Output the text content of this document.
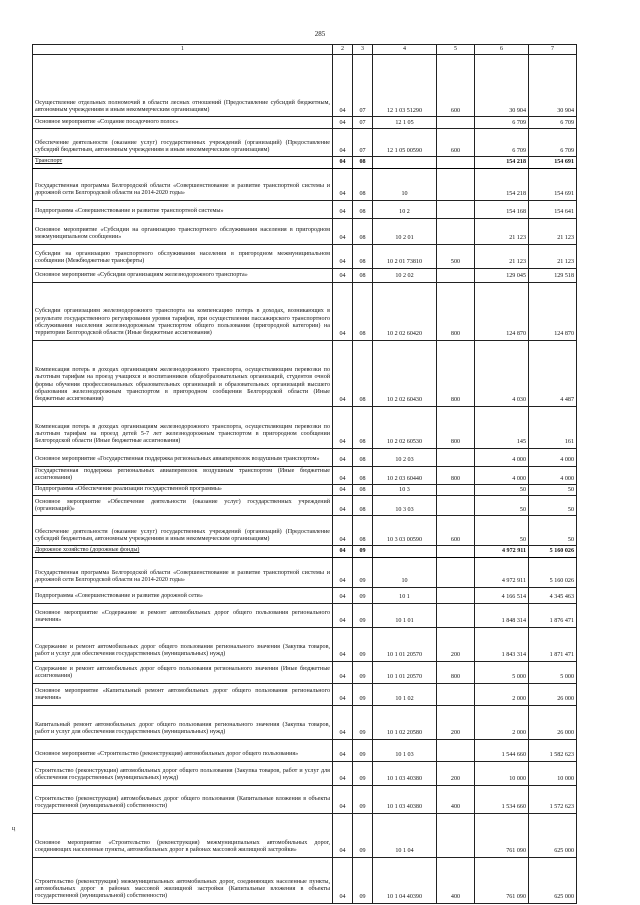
285
1	2	3	4	5	6	7

Осуществление отдельных полномочий в области лесных отношений (Предоставление субсидий бюджетным, автономным учреждениям и иным некоммерческим организациям)	04	07	12 1 03 51290	600	30 904	30 904

Основное мероприятие «Создание посадочного полос»	04	07	12 1 05		6 709	6 709

Обеспечение деятельности (оказание услуг) государственных учреждений (организаций) (Предоставление субсидий бюджетным, автономным учреждениям и иным некоммерческим организациям)	04	07	12 1 05 00590	600	6 709	6 709

Транспорт	04	08			154 218	154 691

Государственная программа Белгородской области «Совершенствование и развитие транспортной системы и дорожной сети Белгородской области на 2014-2020 годы»	04	08	10		154 218	154 691

Подпрограмма «Совершенствование и развитие транспортной системы»	04	08	10 2		154 168	154 641

Основное мероприятие «Субсидии на организацию транспортного обслуживания населения в пригородном межмуниципальном сообщении»	04	08	10 2 01		21 123	21 123

Субсидии на организацию транспортного обслуживания населения в пригородном межмуниципальном сообщении (Межбюджетные трансферты)	04	08	10 2 01 73810	500	21 123	21 123

Основное мероприятие «Субсидии организациям железнодорожного транспорта»	04	08	10 2 02		129 045	129 518

Субсидии организациям железнодорожного транспорта на компенсацию потерь в доходах, возникающих в результате государственного регулирования уровня тарифов, при осуществлении пассажирского транспортного обслуживания населения железнодорожным транспортом общего пользования (пригородной категории) на территории Белгородской области (Иные бюджетные ассигнования)	04	08	10 2 02 60420	800	124 870	124 870

Компенсация потерь в доходах организациям железнодорожного транспорта, осуществляющим перевозки по льготным тарифам на проезд учащихся и воспитанников общеобразовательных организаций, студентов очной формы обучения профессиональных образовательных организаций и образовательных организаций высшего образования железнодорожным транспортом в пригородном сообщении Белгородской области (Иные бюджетные ассигнования)	04	08	10 2 02 60430	800	4 030	4 487

Компенсация потерь в доходах организациям железнодорожного транспорта, осуществляющим перевозки по льготным тарифам на проезд детей 5-7 лет железнодорожным транспортом в пригородном сообщении Белгородской области (Иные бюджетные ассигнования)	04	08	10 2 02 60530	800	145	161

Основное мероприятие «Государственная поддержка региональных авиаперевозок воздушным транспортом»	04	08	10 2 03		4 000	4 000

Государственная поддержка региональных авиаперевозок воздушным транспортом (Иные бюджетные ассигнования)	04	08	10 2 03 60440	800	4 000	4 000

Подпрограмма «Обеспечение реализации государственной программы»	04	08	10 3		50	50

Основное мероприятие «Обеспечение деятельности (оказание услуг) государственных учреждений (организаций)»	04	08	10 3 03		50	50

Обеспечение деятельности (оказание услуг) государственных учреждений (организаций) (Предоставление субсидий бюджетным, автономным учреждениям и иным некоммерческим организациям)	04	08	10 3 03 00590	600	50	50

Дорожное хозяйство (дорожные фонды)	04	09			4 972 911	5 160 026

Государственная программа Белгородской области «Совершенствование и развитие транспортной системы и дорожной сети Белгородской области на 2014-2020 годы»	04	09	10		4 972 911	5 160 026

Подпрограмма «Совершенствование и развитие дорожной сети»	04	09	10 1		4 166 514	4 345 463

Основное мероприятие «Содержание и ремонт автомобильных дорог общего пользования регионального значения»	04	09	10 1 01		1 848 314	1 876 471

Содержание и ремонт автомобильных дорог общего пользования регионального значения (Закупка товаров, работ и услуг для обеспечения государственных (муниципальных) нужд)	04	09	10 1 01 20570	200	1 843 314	1 871 471

Содержание и ремонт автомобильных дорог общего пользования регионального значения (Иные бюджетные ассигнования)	04	09	10 1 01 20570	800	5 000	5 000

Основное мероприятие «Капитальный ремонт автомобильных дорог общего пользования регионального значения»	04	09	10 1 02		2 000	26 000

Капитальный ремонт автомобильных дорог общего пользования регионального значения (Закупка товаров, работ и услуг для обеспечения государственных (муниципальных) нужд)	04	09	10 1 02 20580	200	2 000	26 000

Основное мероприятие «Строительство (реконструкция) автомобильных дорог общего пользования»	04	09	10 1 03		1 544 660	1 582 623

Строительство (реконструкция) автомобильных дорог общего пользования (Закупка товаров, работ и услуг для обеспечения государственных (муниципальных) нужд)	04	09	10 1 03 40380	200	10 000	10 000

Строительство (реконструкция) автомобильных дорог общего пользования (Капитальные вложения в объекты государственной (муниципальной) собственности)	04	09	10 1 03 40380	400	1 534 660	1 572 623

Основное мероприятие «Строительство (реконструкция) межмуниципальных автомобильных дорог, соединяющих населенные пункты, автомобильных дорог в районах массовой жилищной застройки»	04	09	10 1 04		761 090	625 000

Строительство (реконструкция) межмуниципальных автомобильных дорог, соединяющих населенные пункты, автомобильных дорог в районах массовой жилищной застройки (Капитальные вложения в объекты государственной (муниципальной) собственности)	04	09	10 1 04 40390	400	761 090	625 000
ц
